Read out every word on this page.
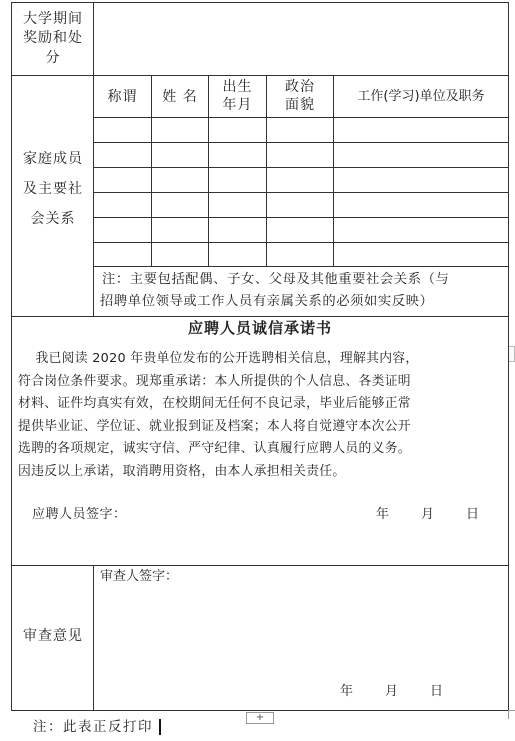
大学期间
奖励和处
分
家庭成员
及主要社
会关系
称谓	姓 名
出生
年月
政治
面貌
工作(学习)单位及职务
注：主要包括配偶、子女、父母及其他重要社会关系（与
招聘单位领导或工作人员有亲属关系的必须如实反映）
应聘人员诚信承诺书

我已阅读 2020 年贵单位发布的公开选聘相关信息，理解其内容，

符合岗位条件要求。现郑重承诺：本人所提供的个人信息、各类证明

材料、证件均真实有效，在校期间无任何不良记录，毕业后能够正常

提供毕业证、学位证、就业报到证及档案；本人将自觉遵守本次公开

选聘的各项规定，诚实守信、严守纪律、认真履行应聘人员的义务。

因违反以上承诺，取消聘用资格，由本人承担相关责任。

应聘人员签字：	年 月 日
审查意见
审查人签字：
年 月 日
+
注：此表正反打印
